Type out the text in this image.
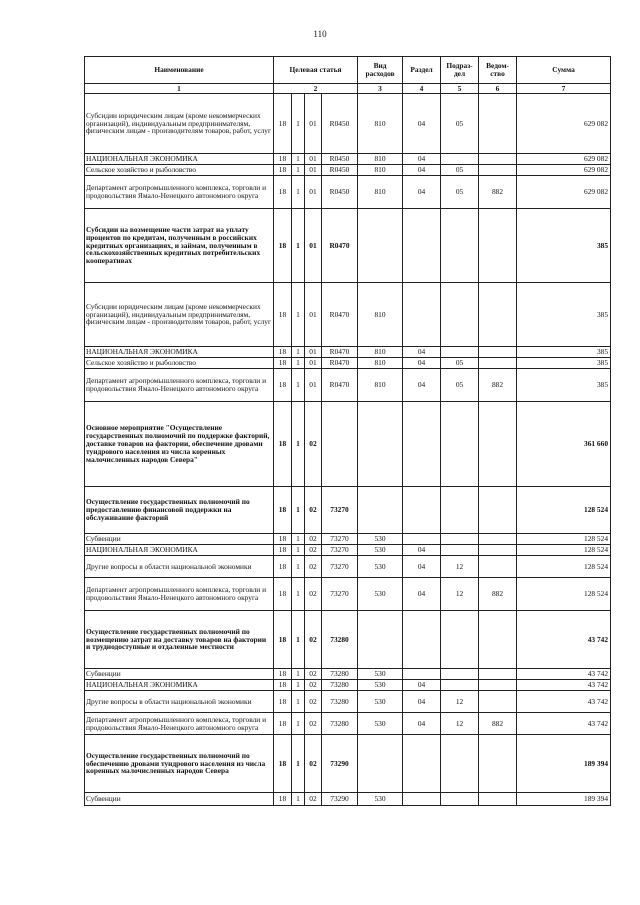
110
Наименование	Целевая статья				Вид расходов	Раздел	Подраз-дел	Ведом-ство	Сумма
1	2				3	4	5	6	7
Субсидии юридическим лицам (кроме некоммерческих организаций), индивидуальным предпринимателям, физическим лицам - производителям товаров, работ, услуг	18	1	01	R0450	810	04	05		629 082
НАЦИОНАЛЬНАЯ ЭКОНОМИКА	18	1	01	R0450	810	04			629 082
Сельское хозяйство и рыболовство	18	1	01	R0450	810	04	05		629 082
Департамент агропромышленного комплекса, торговли и продовольствия Ямало-Ненецкого автономного округа	18	1	01	R0450	810	04	05	882	629 082
Субсидии на возмещение части затрат на уплату процентов по кредитам, полученным в российских кредитных организациях, и займам, полученным в сельскохозяйственных кредитных потребительских кооперативах	18	1	01	R0470					385
Субсидии юридическим лицам (кроме некоммерческих организаций), индивидуальным предпринимателям, физическим лицам - производителям товаров, работ, услуг	18	1	01	R0470	810				385
НАЦИОНАЛЬНАЯ ЭКОНОМИКА	18	1	01	R0470	810	04			385
Сельское хозяйство и рыболовство	18	1	01	R0470	810	04	05		385
Департамент агропромышленного комплекса, торговли и продовольствия Ямало-Ненецкого автономного округа	18	1	01	R0470	810	04	05	882	385
Основное мероприятие "Осуществление государственных полномочий по поддержке факторий, доставке товаров на фактории, обеспечение дровами тундрового населения из числа коренных малочисленных народов Севера"	18	1	02						361 660
Осуществление государственных полномочий по предоставлению финансовой поддержки на обслуживание факторий	18	1	02	73270					128 524
Субвенции	18	1	02	73270	530				128 524
НАЦИОНАЛЬНАЯ ЭКОНОМИКА	18	1	02	73270	530	04			128 524
Другие вопросы в области национальной экономики	18	1	02	73270	530	04	12		128 524
Департамент агропромышленного комплекса, торговли и продовольствия Ямало-Ненецкого автономного округа	18	1	02	73270	530	04	12	882	128 524
Осуществление государственных полномочий по возмещению затрат на доставку товаров на фактории и труднодоступные и отдаленные местности	18	1	02	73280					43 742
Субвенции	18	1	02	73280	530				43 742
НАЦИОНАЛЬНАЯ ЭКОНОМИКА	18	1	02	73280	530	04			43 742
Другие вопросы в области национальной экономики	18	1	02	73280	530	04	12		43 742
Департамент агропромышленного комплекса, торговли и продовольствия Ямало-Ненецкого автономного округа	18	1	02	73280	530	04	12	882	43 742
Осуществление государственных полномочий по обеспечению дровами тундрового населения из числа коренных малочисленных народов Севера	18	1	02	73290					189 394
Субвенции	18	1	02	73290	530				189 394
